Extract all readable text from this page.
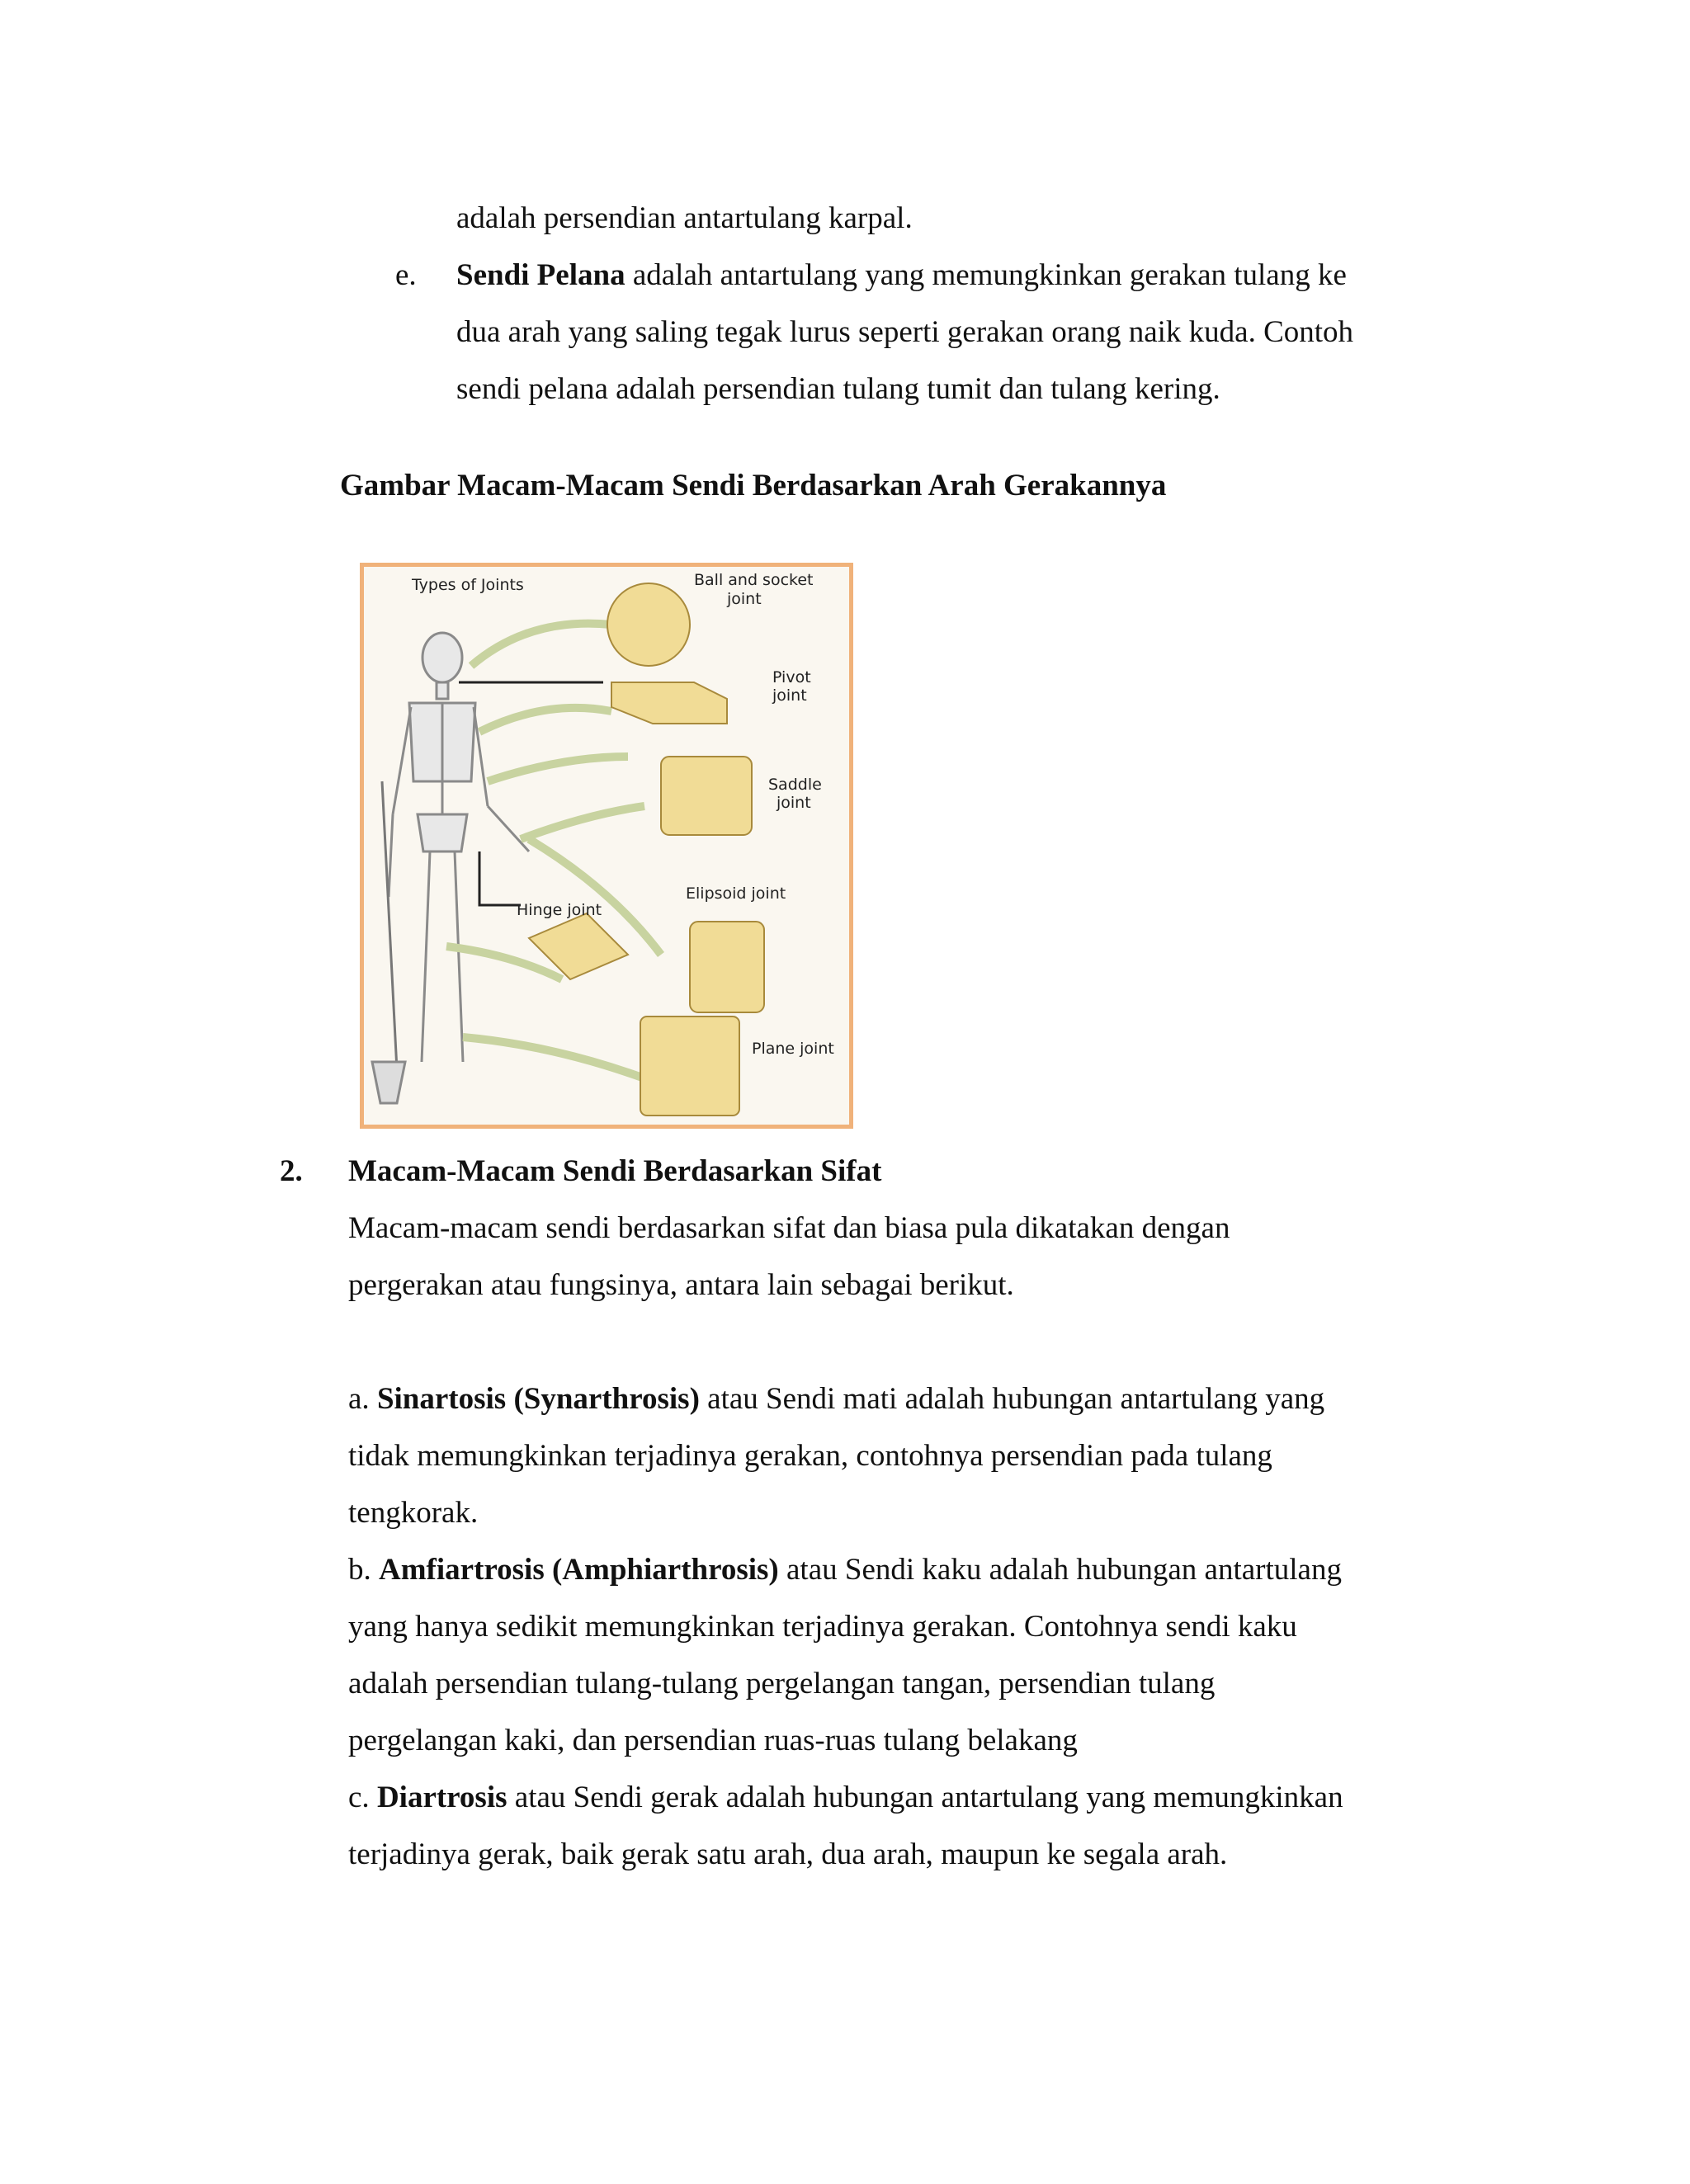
adalah persendian antartulang karpal.
e. Sendi Pelana adalah antartulang yang memungkinkan gerakan tulang ke
dua arah yang saling tegak lurus seperti gerakan orang naik kuda. Contoh
sendi pelana adalah persendian tulang tumit dan tulang kering.
Gambar Macam-Macam Sendi Berdasarkan Arah Gerakannya
Types of Joints	Ball and socket
joint
Pivot
joint
Saddle
joint
Elipsoid joint
Hinge joint
Plane joint
2. Macam-Macam Sendi Berdasarkan Sifat
Macam-macam sendi berdasarkan sifat dan biasa pula dikatakan dengan
pergerakan atau fungsinya, antara lain sebagai berikut.
a. Sinartosis (Synarthrosis) atau Sendi mati adalah hubungan antartulang yang
tidak memungkinkan terjadinya gerakan, contohnya persendian pada tulang
tengkorak.
b. Amfiartrosis (Amphiarthrosis) atau Sendi kaku adalah hubungan antartulang
yang hanya sedikit memungkinkan terjadinya gerakan. Contohnya sendi kaku
adalah persendian tulang-tulang pergelangan tangan, persendian tulang
pergelangan kaki, dan persendian ruas-ruas tulang belakang
c. Diartrosis atau Sendi gerak adalah hubungan antartulang yang memungkinkan
terjadinya gerak, baik gerak satu arah, dua arah, maupun ke segala arah.
